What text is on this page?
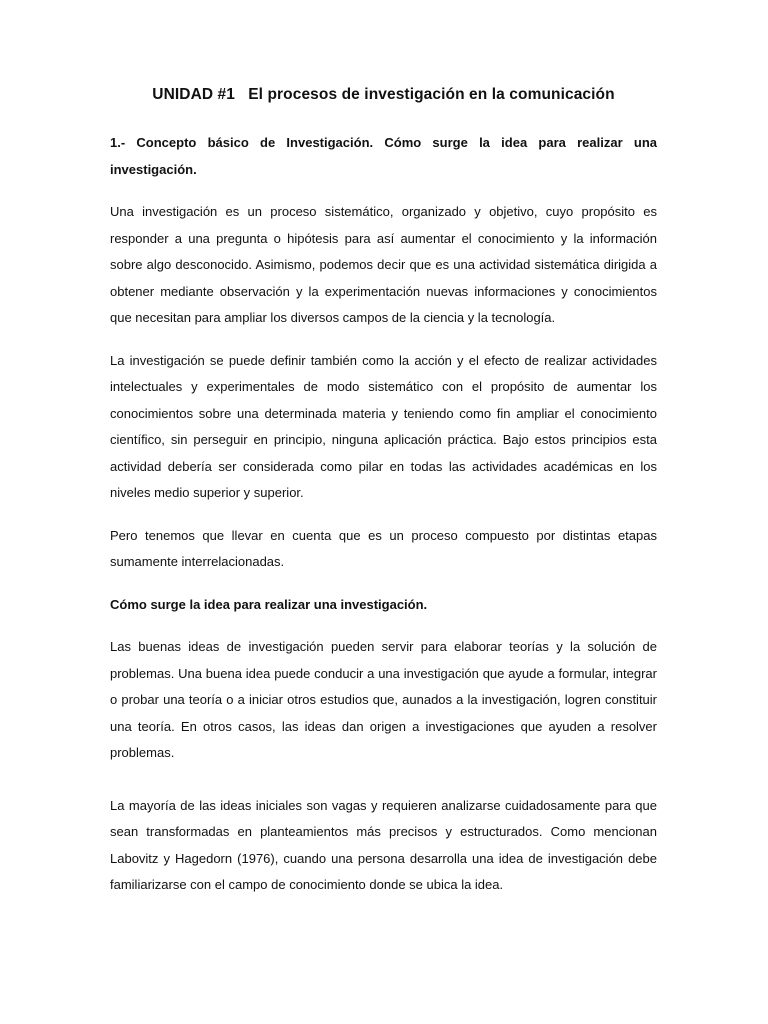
UNIDAD #1   El procesos de investigación en la comunicación
1.- Concepto básico de Investigación. Cómo surge la idea para realizar una investigación.
Una investigación es un proceso sistemático, organizado y objetivo, cuyo propósito es responder a una pregunta o hipótesis para así aumentar el conocimiento y la información sobre algo desconocido. Asimismo, podemos decir que es una actividad sistemática dirigida a obtener mediante observación y la experimentación nuevas informaciones y conocimientos que necesitan para ampliar los diversos campos de la ciencia y la tecnología.
La investigación se puede definir también como la acción y el efecto de realizar actividades intelectuales y experimentales de modo sistemático con el propósito de aumentar los conocimientos sobre una determinada materia y teniendo como fin ampliar el conocimiento científico, sin perseguir en principio, ninguna aplicación práctica. Bajo estos principios esta actividad debería ser considerada como pilar en todas las actividades académicas en los niveles medio superior y superior.
Pero tenemos que llevar en cuenta que es un proceso compuesto por distintas etapas sumamente interrelacionadas.
Cómo surge la idea para realizar una investigación.
Las buenas ideas de investigación pueden servir para elaborar teorías y la solución de problemas. Una buena idea puede conducir a una investigación que ayude a formular, integrar o probar una teoría o a iniciar otros estudios que, aunados a la investigación, logren constituir una teoría. En otros casos, las ideas dan origen a investigaciones que ayuden a resolver problemas.
La mayoría de las ideas iniciales son vagas y requieren analizarse cuidadosamente para que sean transformadas en planteamientos más precisos y estructurados. Como mencionan Labovitz y Hagedorn (1976), cuando una persona desarrolla una idea de investigación debe familiarizarse con el campo de conocimiento donde se ubica la idea.
